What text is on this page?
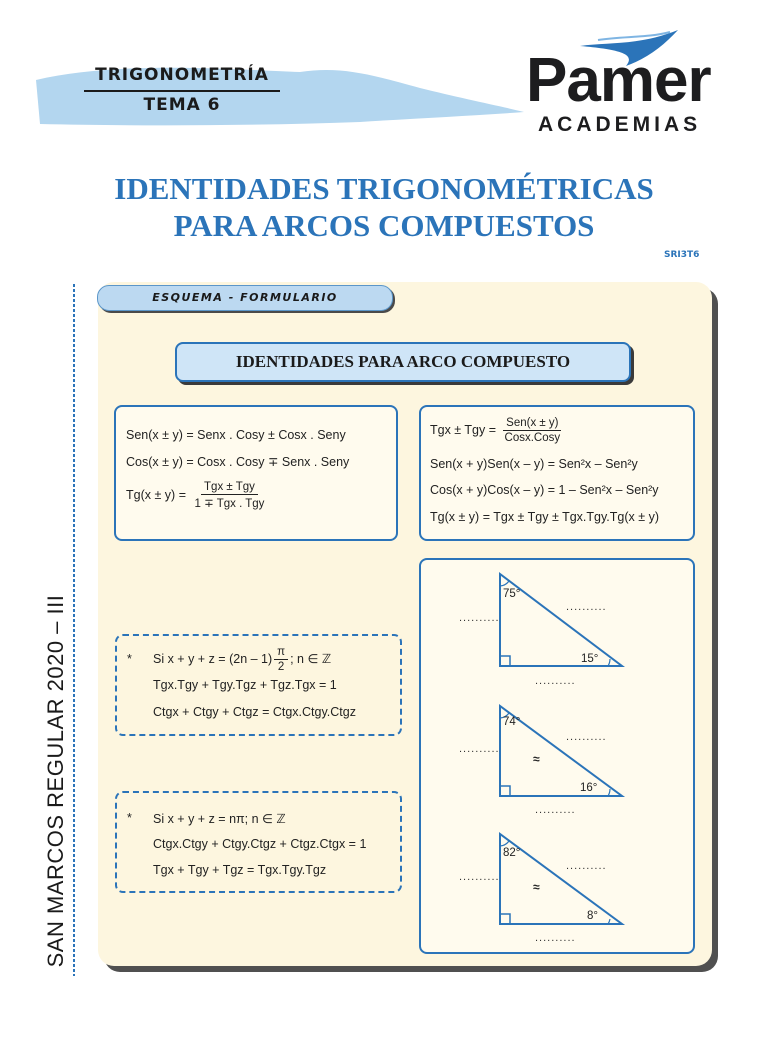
TRIGONOMETRÍA
TEMA 6	Pamer
ACADEMIAS
IDENTIDADES TRIGONOMÉTRICAS
PARA ARCOS COMPUESTOS
SRI3T6
SAN MARCOS REGULAR 2020 – III
ESQUEMA - FORMULARIO
IDENTIDADES PARA ARCO COMPUESTO
Sen(x ± y) = Senx . Cosy ± Cosx . Seny
Cos(x ± y) = Cosx . Cosy ∓ Senx . Seny
$Tg(x \pm y) = \frac{\text{Tgx ± Tgy}}{\text{1 ∓ Tgx . Tgy}}$
Tgx ± Tgy = $\frac{\text{Sen(x ± y)}}{\text{Cosx.Cosy}}$
Sen(x + y)Sen(x – y) = Sen²x – Sen²y
Cos(x + y)Cos(x – y) = 1 – Sen²x – Sen²y
Tg(x ± y) = Tgx ± Tgy ± Tgx.Tgy.Tg(x ± y)
* Si $x + y + z = (2n - 1) \frac{\pi}{2}$ ; n ∈ ℤ
Tgx.Tgy + Tgy.Tgz + Tgz.Tgx = 1
Ctgx + Ctgy + Ctgz = Ctgx.Ctgy.Ctgz
* Si x + y + z = nπ; n ∈ ℤ
Ctgx.Ctgy + Ctgy.Ctgz + Ctgz.Ctgx = 1
Tgx + Tgy + Tgz = Tgx.Tgy.Tgz
75°
15°
..........
..........
..........
74°
16°
≈
..........
..........
..........
82°
8°
≈
..........
..........
..........
